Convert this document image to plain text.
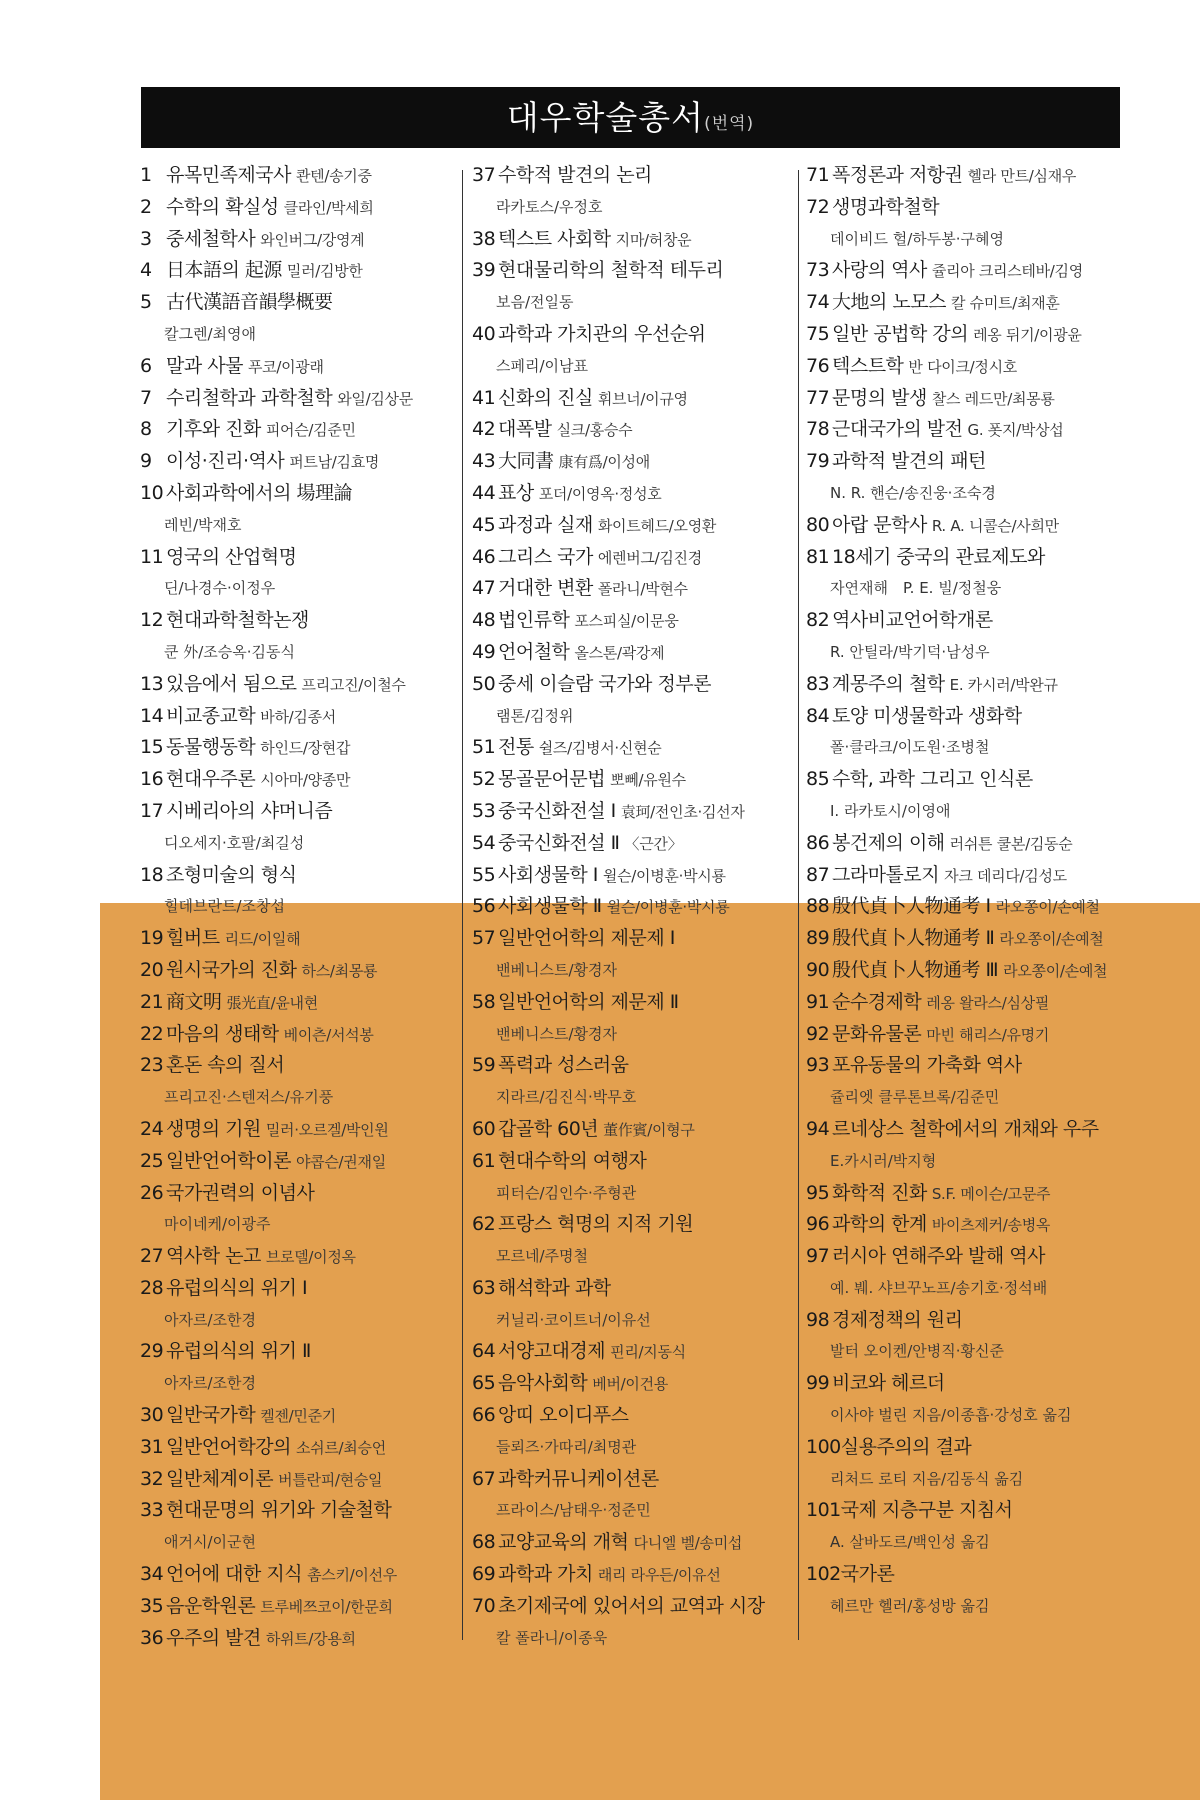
대우학술총서(번역)
1 유목민족제국사 콴텐/송기중
2 수학의 확실성 클라인/박세희
3 중세철학사 와인버그/강영계
4 日本語의 起源 밀러/김방한
5 古代漢語音韻學概要
칼그렌/최영애
6 말과 사물 푸코/이광래
7 수리철학과 과학철학 와일/김상문
8 기후와 진화 피어슨/김준민
9 이성·진리·역사 퍼트남/김효명
10 사회과학에서의 場理論
레빈/박재호
11 영국의 산업혁명
딘/나경수·이정우
12 현대과학철학논쟁
쿤 外/조승옥·김동식
13 있음에서 됨으로 프리고진/이철수
14 비교종교학 바하/김종서
15 동물행동학 하인드/장현갑
16 현대우주론 시아마/양종만
17 시베리아의 샤머니즘
디오세지·호팔/최길성
18 조형미술의 형식
힐데브란트/조창섭
19 힐버트 리드/이일해
20 원시국가의 진화 하스/최몽룡
21 商文明 張光直/윤내현
22 마음의 생태학 베이츤/서석봉
23 혼돈 속의 질서
프리고진·스텐저스/유기풍
24 생명의 기원 밀러·오르겔/박인원
25 일반언어학이론 야콥슨/권재일
26 국가권력의 이념사
마이네케/이광주
27 역사학 논고 브로델/이정옥
28 유럽의식의 위기 Ⅰ
아자르/조한경
29 유럽의식의 위기 Ⅱ
아자르/조한경
30 일반국가학 켈젠/민준기
31 일반언어학강의 소쉬르/최승언
32 일반체계이론 버틀란피/현승일
33 현대문명의 위기와 기술철학
애거시/이군현
34 언어에 대한 지식 촘스키/이선우
35 음운학원론 트루베쯔코이/한문희
36 우주의 발견 하위트/강용희
37 수학적 발견의 논리
라카토스/우정호
38 텍스트 사회학 지마/허창운
39 현대물리학의 철학적 테두리
보음/전일동
40 과학과 가치관의 우선순위
스페리/이남표
41 신화의 진실 휘브너/이규영
42 대폭발 실크/홍승수
43 大同書 康有爲/이성애
44 표상 포더/이영옥·정성호
45 과정과 실재 화이트헤드/오영환
46 그리스 국가 에렌버그/김진경
47 거대한 변환 폴라니/박현수
48 법인류학 포스피실/이문웅
49 언어철학 올스톤/곽강제
50 중세 이슬람 국가와 정부론
램톤/김정위
51 전통 쉴즈/김병서·신현순
52 몽골문어문법 뽀뻬/유원수
53 중국신화전설 Ⅰ 袁珂/전인초·김선자
54 중국신화전설 Ⅱ 〈근간〉
55 사회생물학 Ⅰ 윌슨/이병훈·박시룡
56 사회생물학 Ⅱ 윌슨/이병훈·박시룡
57 일반언어학의 제문제 Ⅰ
밴베니스트/황경자
58 일반언어학의 제문제 Ⅱ
밴베니스트/황경자
59 폭력과 성스러움
지라르/김진식·박무호
60 갑골학 60년 董作賓/이형구
61 현대수학의 여행자
피터슨/김인수·주형관
62 프랑스 혁명의 지적 기원
모르네/주명철
63 해석학과 과학
커닐리·코이트너/이유선
64 서양고대경제 핀리/지동식
65 음악사회학 베버/이건용
66 앙띠 오이디푸스
들뢰즈·가따리/최명관
67 과학커뮤니케이션론
프라이스/남태우·정준민
68 교양교육의 개혁 다니엘 벨/송미섭
69 과학과 가치 래리 라우든/이유선
70 초기제국에 있어서의 교역과 시장
칼 폴라니/이종욱
71 폭정론과 저항권 헬라 만트/심재우
72 생명과학철학
데이비드 헐/하두봉·구혜영
73 사랑의 역사 쥴리아 크리스테바/김영
74 大地의 노모스 칼 슈미트/최재훈
75 일반 공법학 강의 레옹 뒤기/이광윤
76 텍스트학 반 다이크/정시호
77 문명의 발생 찰스 레드만/최몽룡
78 근대국가의 발전 G. 폿지/박상섭
79 과학적 발견의 패턴
N. R. 핸슨/송진웅·조숙경
80 아랍 문학사 R. A. 니콜슨/사희만
81 18세기 중국의 관료제도와
자연재해　P. E. 빌/정철웅
82 역사비교언어학개론
R. 안틸라/박기덕·남성우
83 계몽주의 철학 E. 카시러/박완규
84 토양 미생물학과 생화학
폴·클라크/이도원·조병철
85 수학, 과학 그리고 인식론
I. 라카토시/이영애
86 봉건제의 이해 러쉬튼 쿨본/김동순
87 그라마톨로지 자크 데리다/김성도
88 殷代貞卜人物通考 Ⅰ 라오쫑이/손예철
89 殷代貞卜人物通考 Ⅱ 라오쫑이/손예철
90 殷代貞卜人物通考 Ⅲ 라오쫑이/손예철
91 순수경제학 레옹 왈라스/심상필
92 문화유물론 마빈 해리스/유명기
93 포유동물의 가축화 역사
쥴리엣 클루톤브록/김준민
94 르네상스 철학에서의 개채와 우주
E.카시러/박지형
95 화학적 진화 S.F. 메이슨/고문주
96 과학의 한계 바이츠제커/송병옥
97 러시아 연해주와 발해 역사
예. 붸. 샤브꾸노프/송기호·정석배
98 경제정책의 원리
발터 오이켄/안병직·황신준
99 비코와 헤르더
이사야 벌린 지음/이종흡·강성호 옮김
100실용주의의 결과
리처드 로티 지음/김동식 옮김
101국제 지층구분 지침서
A. 살바도르/백인성 옮김
102국가론
헤르만 헬러/홍성방 옮김
